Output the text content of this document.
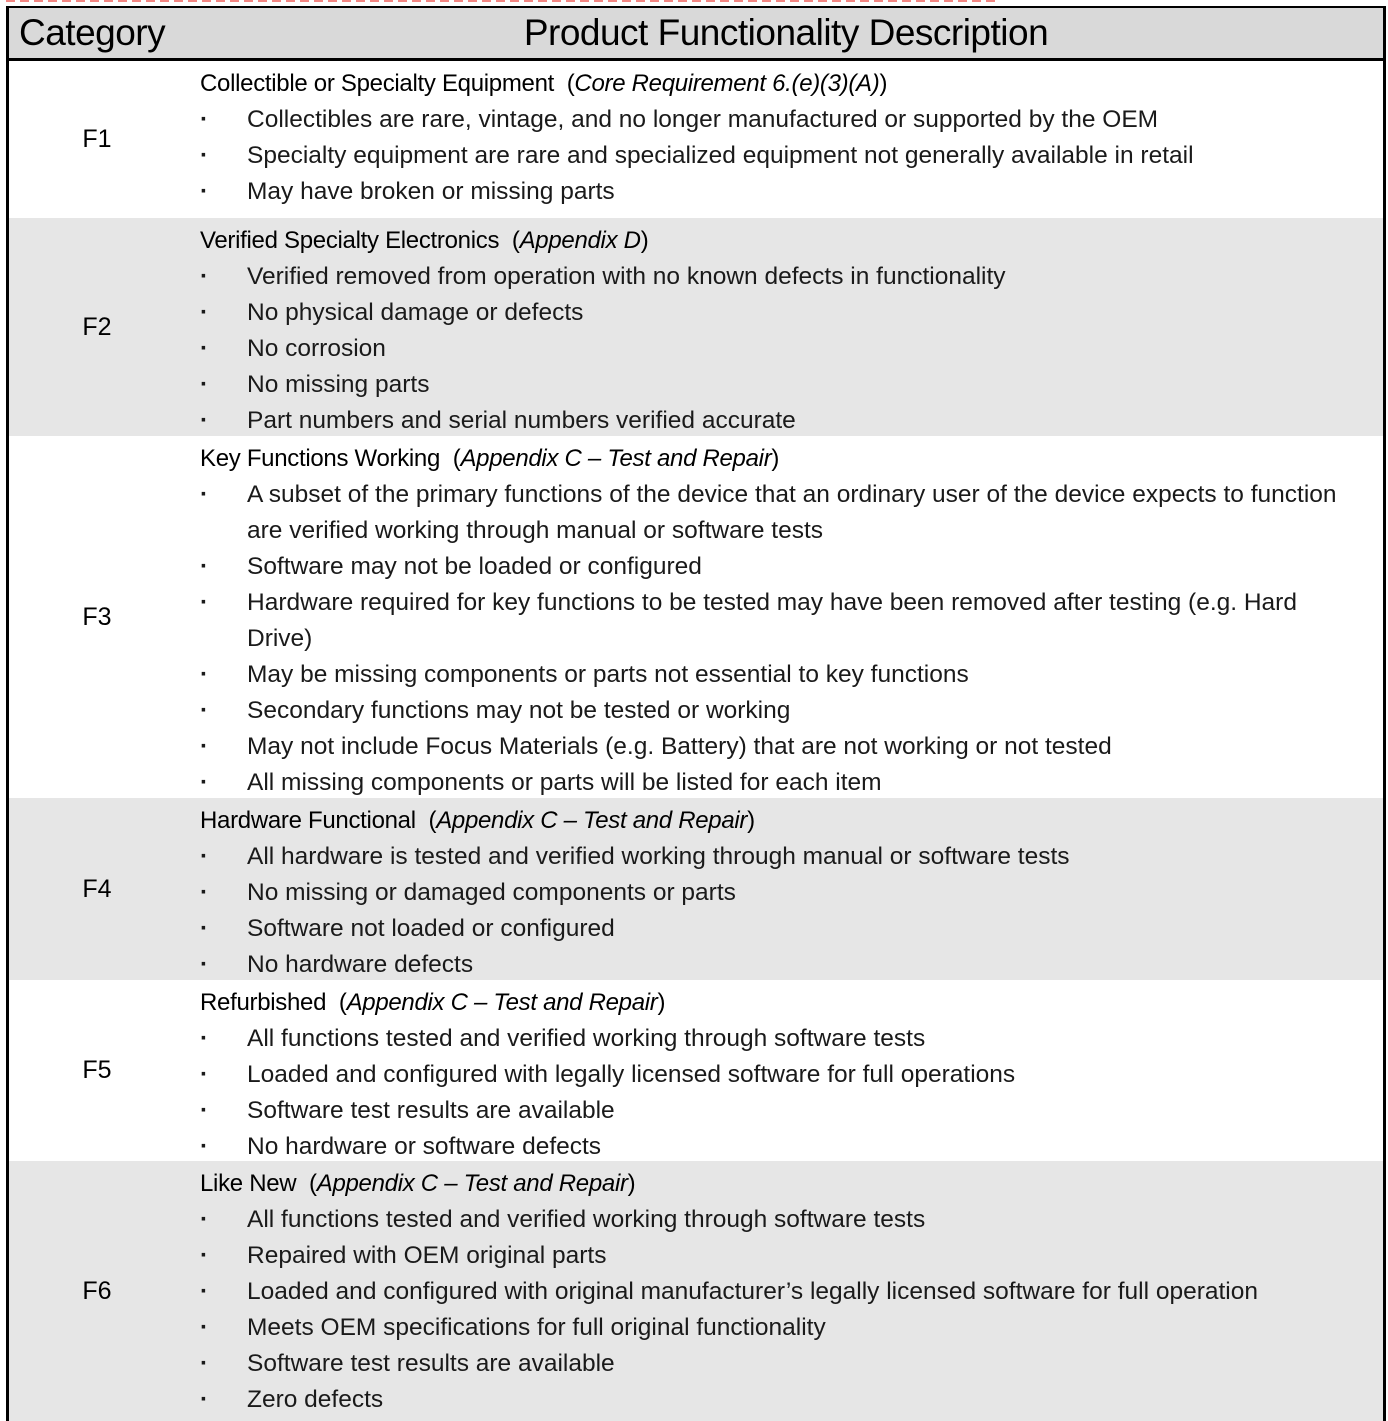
Category	Product Functionality Description
F1
Collectible or Specialty Equipment  (Core Requirement 6.(e)(3)(A))
· Collectibles are rare, vintage, and no longer manufactured or supported by the OEM
· Specialty equipment are rare and specialized equipment not generally available in retail
· May have broken or missing parts
F2
Verified Specialty Electronics  (Appendix D)
· Verified removed from operation with no known defects in functionality
· No physical damage or defects
· No corrosion
· No missing parts
· Part numbers and serial numbers verified accurate
F3
Key Functions Working  (Appendix C – Test and Repair)
· A subset of the primary functions of the device that an ordinary user of the device expects to function are verified working through manual or software tests
· Software may not be loaded or configured
· Hardware required for key functions to be tested may have been removed after testing (e.g. Hard Drive)
· May be missing components or parts not essential to key functions
· Secondary functions may not be tested or working
· May not include Focus Materials (e.g. Battery) that are not working or not tested
· All missing components or parts will be listed for each item
F4
Hardware Functional  (Appendix C – Test and Repair)
· All hardware is tested and verified working through manual or software tests
· No missing or damaged components or parts
· Software not loaded or configured
· No hardware defects
F5
Refurbished  (Appendix C – Test and Repair)
· All functions tested and verified working through software tests
· Loaded and configured with legally licensed software for full operations
· Software test results are available
· No hardware or software defects
F6
Like New  (Appendix C – Test and Repair)
· All functions tested and verified working through software tests
· Repaired with OEM original parts
· Loaded and configured with original manufacturer’s legally licensed software for full operation
· Meets OEM specifications for full original functionality
· Software test results are available
· Zero defects
